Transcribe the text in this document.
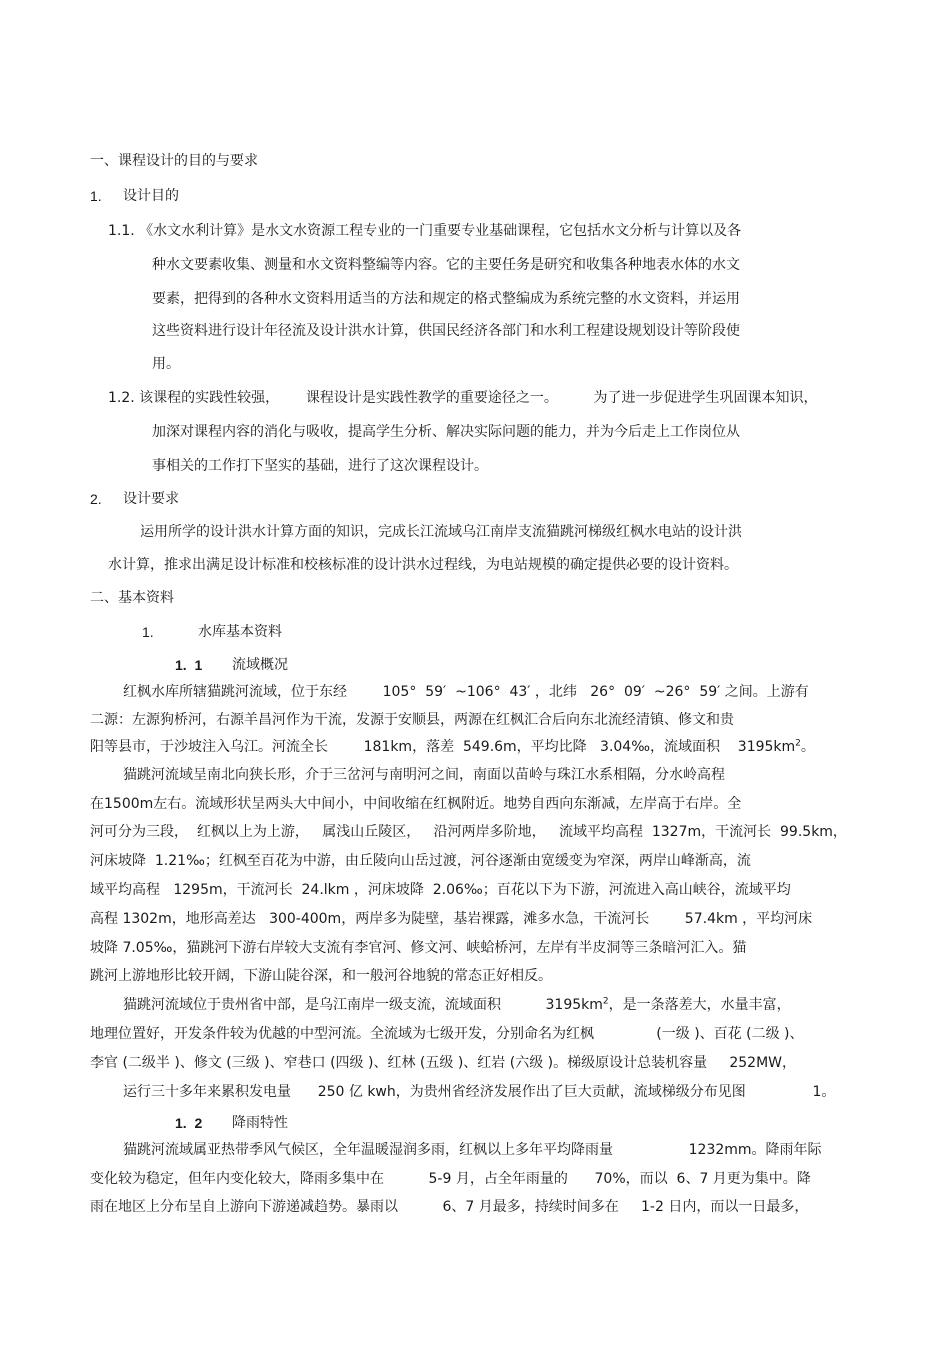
一、课程设计的目的与要求
1. 设计目的
1.1. 《水文水利计算》是水文水资源工程专业的一门重要专业基础课程，它包括水文分析与计算以及各
种水文要素收集、测量和水文资料整编等内容。它的主要任务是研究和收集各种地表水体的水文
要素，把得到的各种水文资料用适当的方法和规定的格式整编成为系统完整的水文资料，并运用
这些资料进行设计年径流及设计洪水计算，供国民经济各部门和水利工程建设规划设计等阶段使
用。
1.2. 该课程的实践性较强，      课程设计是实践性教学的重要途径之一。        为了进一步促进学生巩固课本知识，
加深对课程内容的消化与吸收，提高学生分析、解决实际问题的能力，并为今后走上工作岗位从
事相关的工作打下坚实的基础，进行了这次课程设计。
2. 设计要求
运用所学的设计洪水计算方面的知识，完成长江流域乌江南岸支流猫跳河梯级红枫水电站的设计洪
水计算，推求出满足设计标准和校核标准的设计洪水过程线，为电站规模的确定提供必要的设计资料。
二、基本资料
1.	水库基本资料
1.  1 流域概况
红枫水库所辖猫跳河流域，位于东经        105°  59′  ~106°  43′ ，北纬   26°  09′  ~26°  59′ 之间。上游有
二源：左源狗桥河，右源羊昌河作为干流，发源于安顺县，两源在红枫汇合后向东北流经清镇、修文和贵
阳等县市，于沙坡注入乌江。河流全长        181km，落差  549.6m，平均比降   3.04‰，流域面积    $3195km^2$。
猫跳河流域呈南北向狭长形，介于三岔河与南明河之间，南面以苗岭与珠江水系相隔，分水岭高程
在1500m左右。流域形状呈两头大中间小，中间收缩在红枫附近。地势自西向东渐减，左岸高于右岸。全
河可分为三段，  红枫以上为上游，   属浅山丘陵区，   沿河两岸多阶地，   流域平均高程  1327m，干流河长  99.5km，
河床坡降  1.21‰；红枫至百花为中游，由丘陵向山岳过渡，河谷逐渐由宽缓变为窄深，两岸山峰渐高，流
域平均高程   1295m，干流河长  24.lkm ，河床坡降  2.06‰；百花以下为下游，河流进入高山峡谷，流域平均
高程 1302m，地形高差达   300-400m，两岸多为陡壁，基岩裸露，滩多水急，干流河长        57.4km ，平均河床
坡降 7.05‰，猫跳河下游右岸较大支流有李官河、修文河、峡蛤桥河，左岸有半皮洞等三条暗河汇入。猫
跳河上游地形比较开阔，下游山陡谷深，和一般河谷地貌的常态正好相反。
猫跳河流域位于贵州省中部，是乌江南岸一级支流，流域面积          $3195km^2$，是一条落差大，水量丰富，
地理位置好，开发条件较为优越的中型河流。全流域为七级开发，分别命名为红枫              (一级 )、百花 (二级 )、
李官 (二级半 )、修文 (三级 )、窄巷口 (四级 )、红林 (五级 )、红岩 (六级 )。梯级原设计总装机容量     252MW，
运行三十多年来累积发电量      250 亿 kwh，为贵州省经济发展作出了巨大贡献，流域梯级分布见图               1。
1.  2 降雨特性
猫跳河流域属亚热带季风气候区，全年温暖湿润多雨，红枫以上多年平均降雨量                 1232mm。降雨年际
变化较为稳定，但年内变化较大，降雨多集中在          5-9 月，占全年雨量的      70%，而以  6、7 月更为集中。降
雨在地区上分布呈自上游向下游递减趋势。暴雨以          6、7 月最多，持续时间多在     1-2 日内，而以一日最多，
